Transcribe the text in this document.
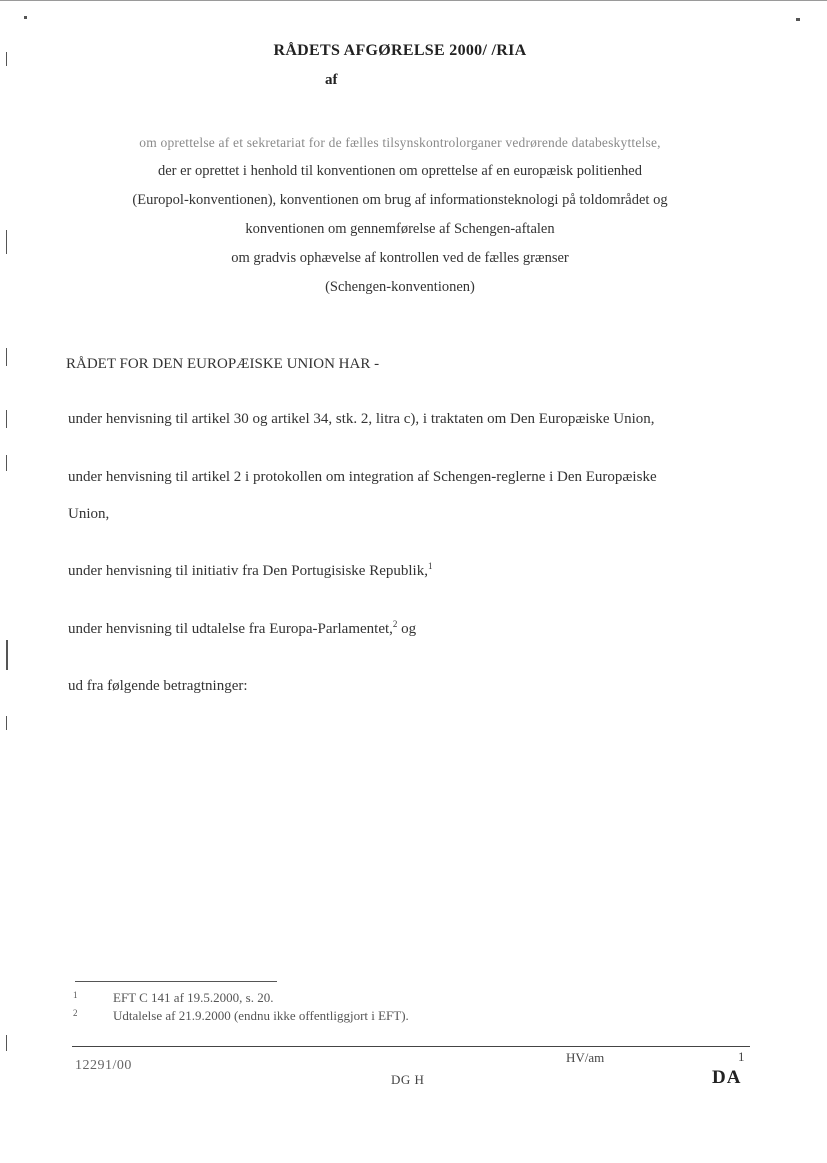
RÅDETS AFGØRELSE 2000/ /RIA
af
om oprettelse af et sekretariat for de fælles tilsynskontrolorganer vedrørende databeskyttelse,
der er oprettet i henhold til konventionen om oprettelse af en europæisk politienhed
(Europol-konventionen), konventionen om brug af informationsteknologi på toldområdet og
konventionen om gennemførelse af Schengen-aftalen
om gradvis ophævelse af kontrollen ved de fælles grænser
(Schengen-konventionen)
RÅDET FOR DEN EUROPÆISKE UNION HAR -
under henvisning til artikel 30 og artikel 34, stk. 2, litra c), i traktaten om Den Europæiske Union,
under henvisning til artikel 2 i protokollen om integration af Schengen-reglerne i Den Europæiske
Union,
under henvisning til initiativ fra Den Portugisiske Republik,$^1$
under henvisning til udtalelse fra Europa-Parlamentet,$^2$ og
ud fra følgende betragtninger:
1	EFT C 141 af 19.5.2000, s. 20.
2	Udtalelse af 21.9.2000 (endnu ikke offentliggjort i EFT).
12291/00
HV/am	1
DG H	DA
